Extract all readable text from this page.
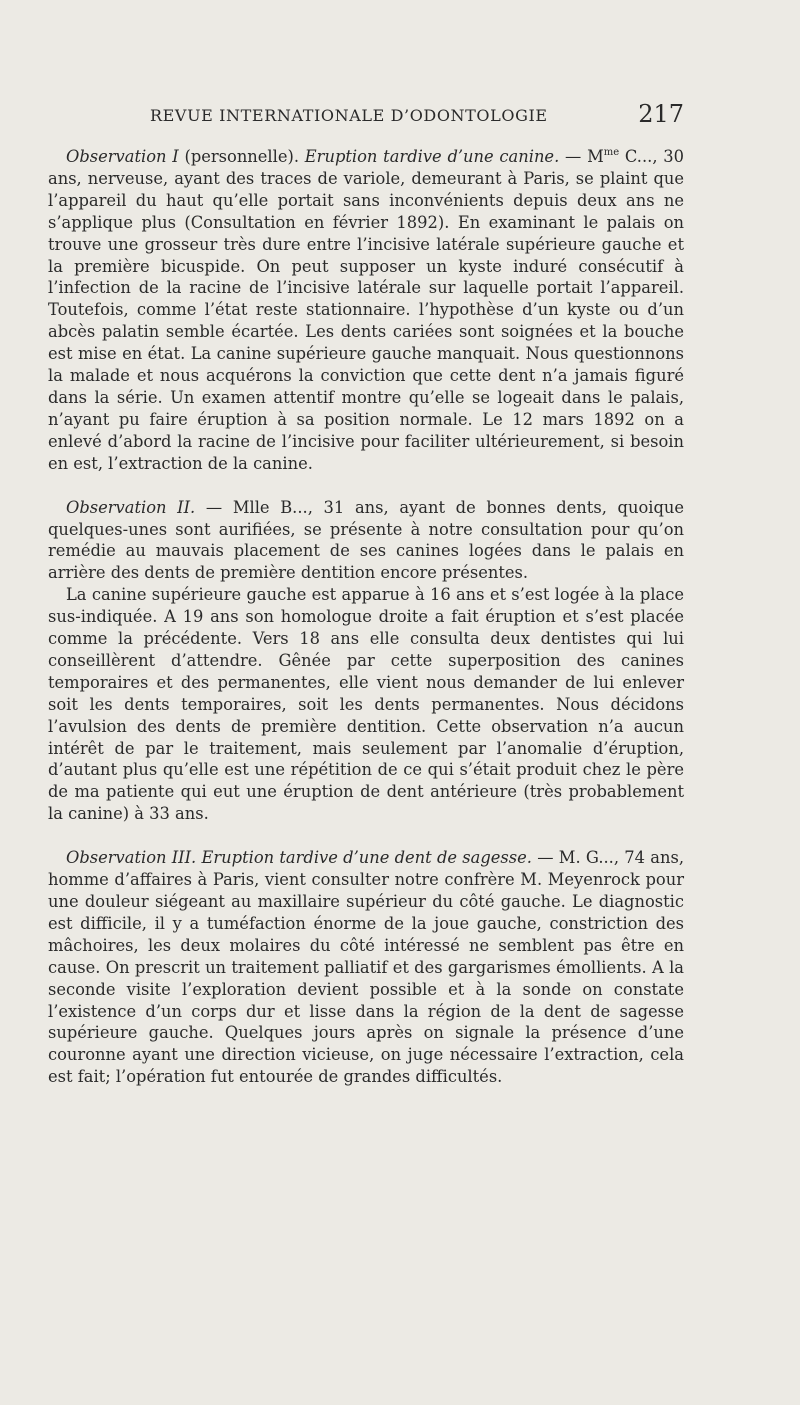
REVUE INTERNATIONALE D’ODONTOLOGIE	217

Observation I (personnelle). Eruption tardive d’une canine. — $M^{me}$ C..., 30 ans, nerveuse, ayant des traces de variole, demeurant à Paris, se plaint que l’appareil du haut qu’elle portait sans inconvénients depuis deux ans ne s’applique plus (Consultation en février 1892). En examinant le palais on trouve une grosseur très dure entre l’incisive latérale supérieure gauche et la première bicuspide. On peut supposer un kyste induré consécutif à l’infection de la racine de l’incisive latérale sur laquelle portait l’appareil. Toutefois, comme l’état reste stationnaire. l’hypothèse d’un kyste ou d’un abcès palatin semble écartée. Les dents cariées sont soignées et la bouche est mise en état. La canine supérieure gauche manquait. Nous questionnons la malade et nous acquérons la conviction que cette dent n’a jamais figuré dans la série. Un examen attentif montre qu’elle se logeait dans le palais, n’ayant pu faire éruption à sa position normale. Le 12 mars 1892 on a enlevé d’abord la racine de l’incisive pour faciliter ultérieurement, si besoin en est, l’extraction de la canine.

Observation II. — Mlle B..., 31 ans, ayant de bonnes dents, quoique quelques-unes sont aurifiées, se présente à notre consultation pour qu’on remédie au mauvais placement de ses canines logées dans le palais en arrière des dents de première dentition encore présentes.

La canine supérieure gauche est apparue à 16 ans et s’est logée à la place sus-indiquée. A 19 ans son homologue droite a fait éruption et s’est placée comme la précédente. Vers 18 ans elle consulta deux dentistes qui lui conseillèrent d’attendre. Gênée par cette superposition des canines temporaires et des permanentes, elle vient nous demander de lui enlever soit les dents temporaires, soit les dents permanentes. Nous décidons l’avulsion des dents de première dentition. Cette observation n’a aucun intérêt de par le traitement, mais seulement par l’anomalie d’éruption, d’autant plus qu’elle est une répétition de ce qui s’était produit chez le père de ma patiente qui eut une éruption de dent antérieure (très probablement la canine) à 33 ans.

Observation III. Eruption tardive d’une dent de sagesse. — M. G..., 74 ans, homme d’affaires à Paris, vient consulter notre confrère M. Meyenrock pour une douleur siégeant au maxillaire supérieur du côté gauche. Le diagnostic est difficile, il y a tuméfaction énorme de la joue gauche, constriction des mâchoires, les deux molaires du côté intéressé ne semblent pas être en cause. On prescrit un traitement palliatif et des gargarismes émollients. A la seconde visite l’exploration devient possible et à la sonde on constate l’existence d’un corps dur et lisse dans la région de la dent de sagesse supérieure gauche. Quelques jours après on signale la présence d’une couronne ayant une direction vicieuse, on juge nécessaire l’extraction, cela est fait; l’opération fut entourée de grandes difficultés.
